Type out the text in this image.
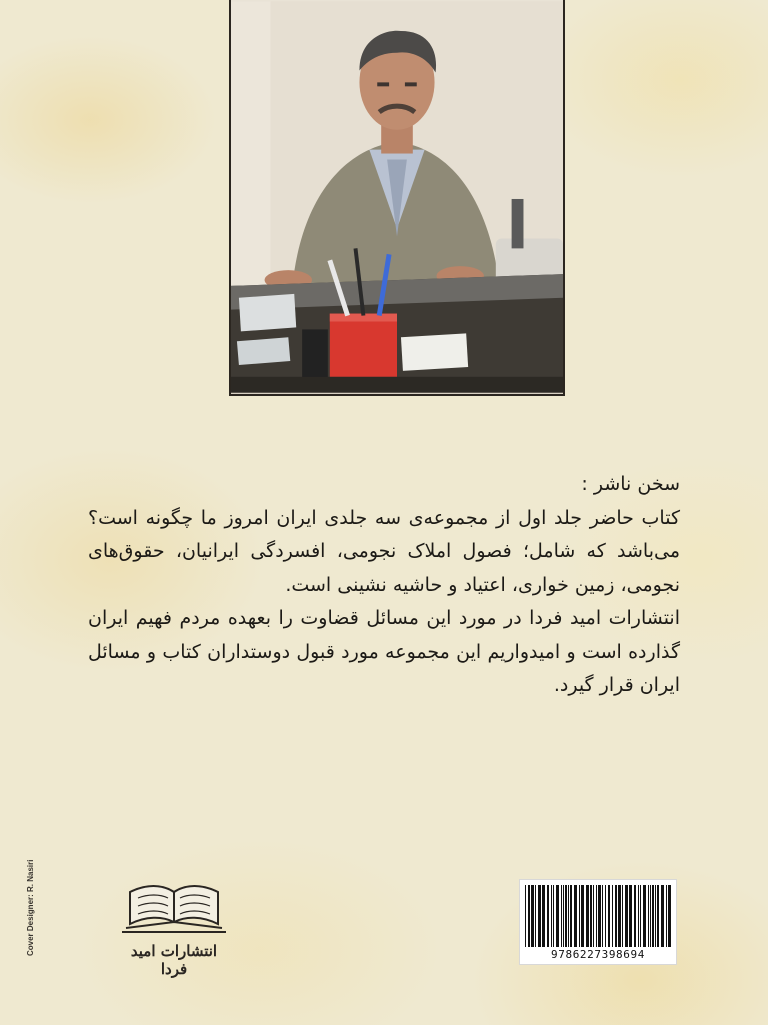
سخن ناشر :

کتاب حاضر جلد اول از مجموعه‌ی سه جلدی ایران امروز ما چگونه است؟ می‌باشد که شامل؛ فصول املاک نجومی، افسردگی ایرانیان، حقوق‌های نجومی، زمین خواری، اعتیاد و حاشیه نشینی است.

انتشارات امید فردا در مورد این مسائل قضاوت را بعهده مردم فهیم ایران گذارده است و امیدواریم این مجموعه مورد قبول دوستداران کتاب و مسائل ایران قرار گیرد.

Cover Designer: R. Nasiri	انتشارات امید فردا
9786227398694
